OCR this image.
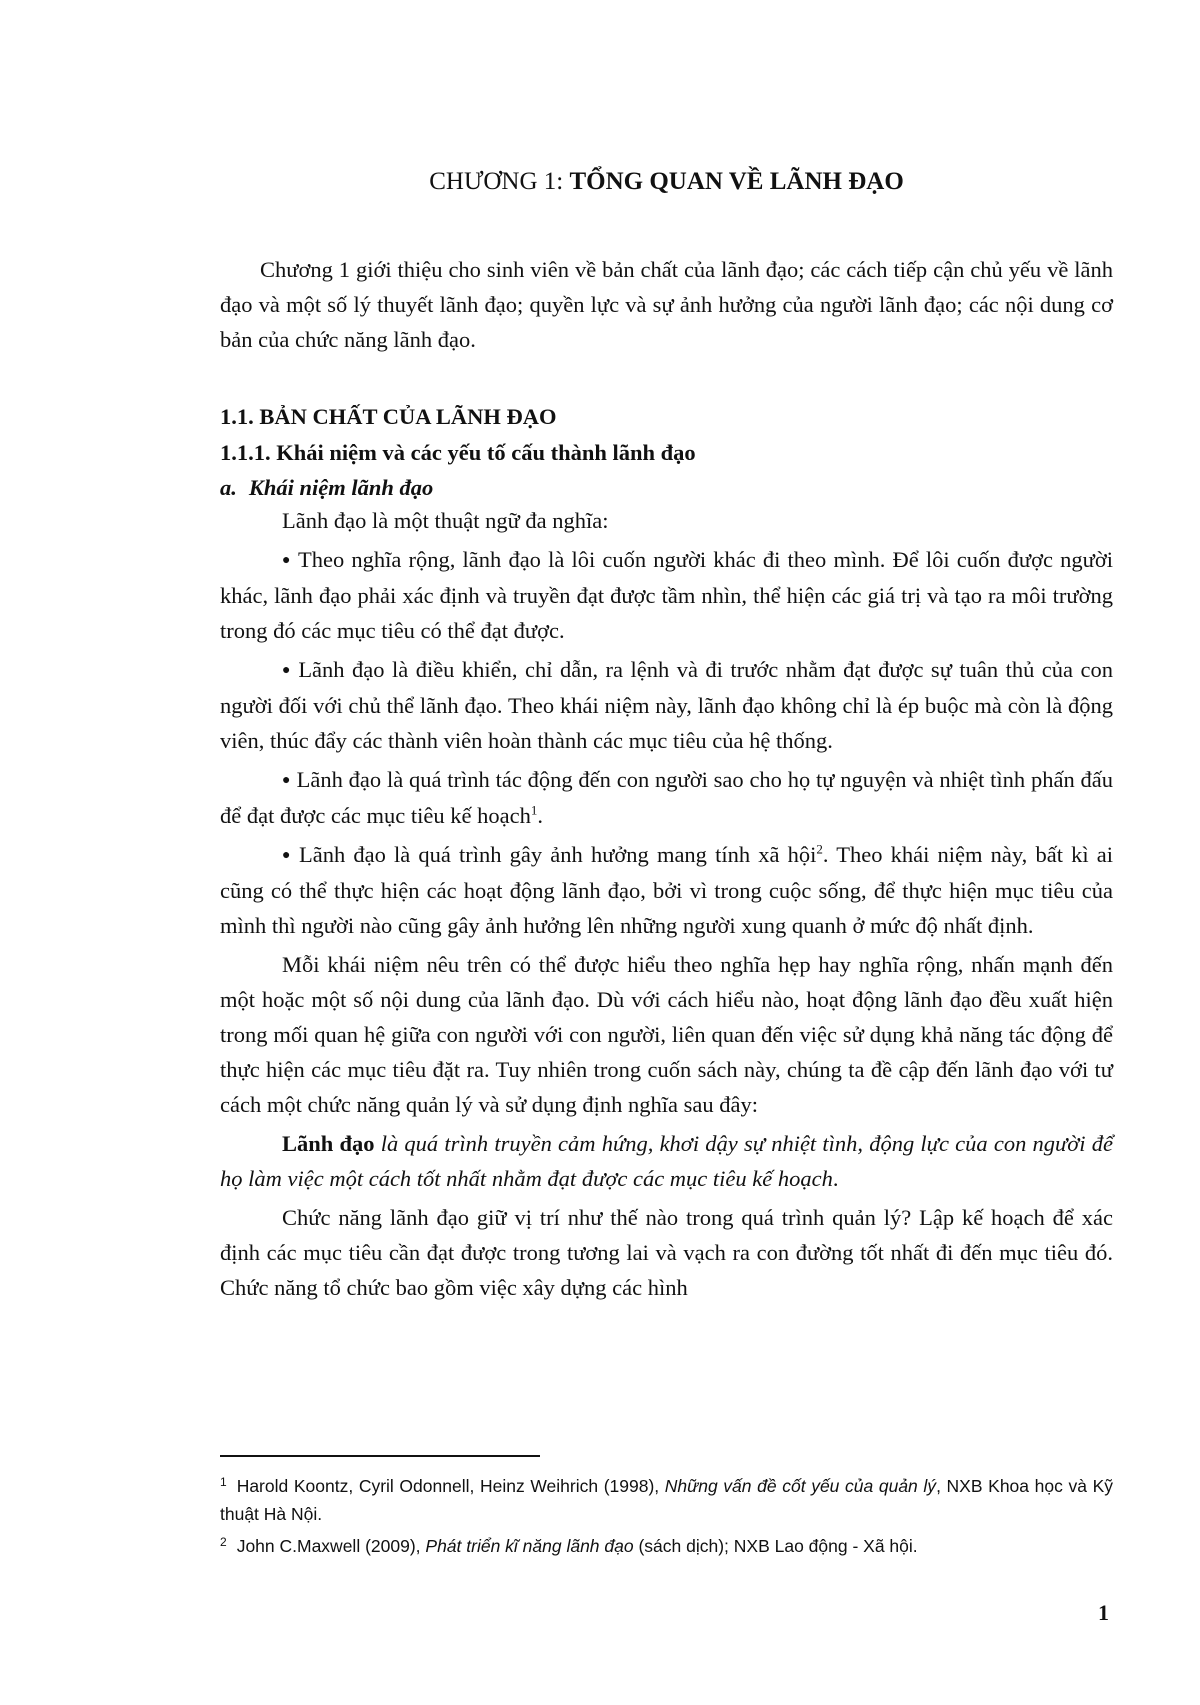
CHƯƠNG 1: TỔNG QUAN VỀ LÃNH ĐẠO

Chương 1 giới thiệu cho sinh viên về bản chất của lãnh đạo; các cách tiếp cận chủ yếu về lãnh đạo và một số lý thuyết lãnh đạo; quyền lực và sự ảnh hưởng của người lãnh đạo; các nội dung cơ bản của chức năng lãnh đạo.

1.1. BẢN CHẤT CỦA LÃNH ĐẠO
1.1.1. Khái niệm và các yếu tố cấu thành lãnh đạo
a. Khái niệm lãnh đạo

Lãnh đạo là một thuật ngữ đa nghĩa:

● Theo nghĩa rộng, lãnh đạo là lôi cuốn người khác đi theo mình. Để lôi cuốn được người khác, lãnh đạo phải xác định và truyền đạt được tầm nhìn, thể hiện các giá trị và tạo ra môi trường trong đó các mục tiêu có thể đạt được.

● Lãnh đạo là điều khiển, chỉ dẫn, ra lệnh và đi trước nhằm đạt được sự tuân thủ của con người đối với chủ thể lãnh đạo. Theo khái niệm này, lãnh đạo không chỉ là ép buộc mà còn là động viên, thúc đẩy các thành viên hoàn thành các mục tiêu của hệ thống.

● Lãnh đạo là quá trình tác động đến con người sao cho họ tự nguyện và nhiệt tình phấn đấu để đạt được các mục tiêu kế hoạch$^1$.

● Lãnh đạo là quá trình gây ảnh hưởng mang tính xã hội$^2$. Theo khái niệm này, bất kì ai cũng có thể thực hiện các hoạt động lãnh đạo, bởi vì trong cuộc sống, để thực hiện mục tiêu của mình thì người nào cũng gây ảnh hưởng lên những người xung quanh ở mức độ nhất định.

Mỗi khái niệm nêu trên có thể được hiểu theo nghĩa hẹp hay nghĩa rộng, nhấn mạnh đến một hoặc một số nội dung của lãnh đạo. Dù với cách hiểu nào, hoạt động lãnh đạo đều xuất hiện trong mối quan hệ giữa con người với con người, liên quan đến việc sử dụng khả năng tác động để thực hiện các mục tiêu đặt ra. Tuy nhiên trong cuốn sách này, chúng ta đề cập đến lãnh đạo với tư cách một chức năng quản lý và sử dụng định nghĩa sau đây:

Lãnh đạo là quá trình truyền cảm hứng, khơi dậy sự nhiệt tình, động lực của con người để họ làm việc một cách tốt nhất nhằm đạt được các mục tiêu kế hoạch.

Chức năng lãnh đạo giữ vị trí như thế nào trong quá trình quản lý? Lập kế hoạch để xác định các mục tiêu cần đạt được trong tương lai và vạch ra con đường tốt nhất đi đến mục tiêu đó. Chức năng tổ chức bao gồm việc xây dựng các hình

$^1$ Harold Koontz, Cyril Odonnell, Heinz Weihrich (1998), Những vấn đề cốt yếu của quản lý, NXB Khoa học và Kỹ thuật Hà Nội.

$^2$ John C.Maxwell (2009), Phát triển kĩ năng lãnh đạo (sách dịch); NXB Lao động - Xã hội.

1
